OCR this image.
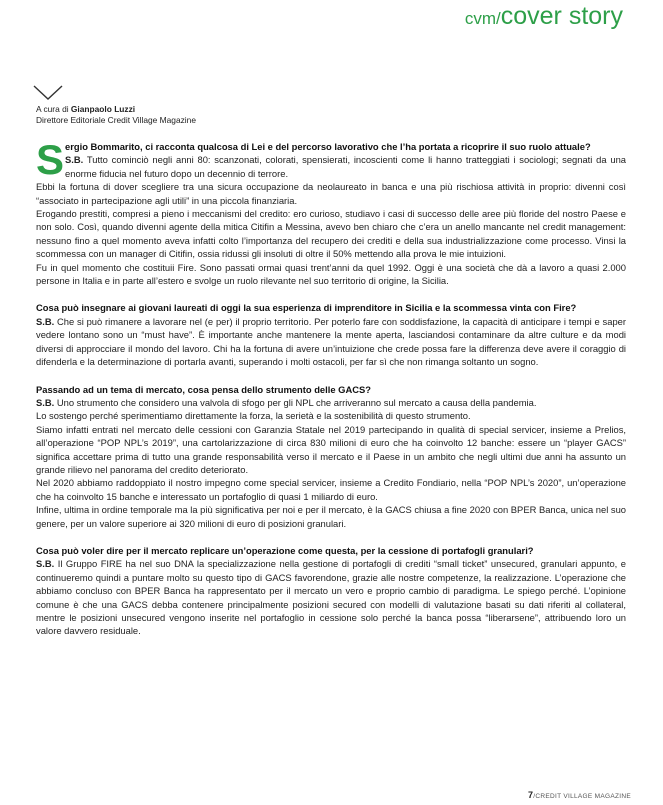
cvm/cover story
A cura di Gianpaolo Luzzi
Direttore Editoriale Credit Village Magazine

Sergio Bommarito, ci racconta qualcosa di Lei e del percorso lavorativo che l’ha portata a ricoprire il suo ruolo attuale?

S.B. Tutto cominciò negli anni 80: scanzonati, colorati, spensierati, incoscienti come li hanno tratteggiati i sociologi; segnati da una enorme fiducia nel futuro dopo un decennio di terrore.

Ebbi la fortuna di dover scegliere tra una sicura occupazione da neolaureato in banca e una più rischiosa attività in proprio: divenni così “associato in partecipazione agli utili” in una piccola finanziaria.

Erogando prestiti, compresi a pieno i meccanismi del credito: ero curioso, studiavo i casi di successo delle aree più floride del nostro Paese e non solo. Così, quando divenni agente della mitica Citifin a Messina, avevo ben chiaro che c’era un anello mancante nel credit management: nessuno fino a quel momento aveva infatti colto l’importanza del recupero dei crediti e della sua industrializzazione come processo. Vinsi la scommessa con un manager di Citifin, ossia ridussi gli insoluti di oltre il 50% mettendo alla prova le mie intuizioni.

Fu in quel momento che costituii Fire. Sono passati ormai quasi trent’anni da quel 1992. Oggi è una società che dà a lavoro a quasi 2.000 persone in Italia e in parte all’estero e svolge un ruolo rilevante nel suo territorio di origine, la Sicilia.

Cosa può insegnare ai giovani laureati di oggi la sua esperienza di imprenditore in Sicilia e la scommessa vinta con Fire?

S.B. Che si può rimanere a lavorare nel (e per) il proprio territorio. Per poterlo fare con soddisfazione, la capacità di anticipare i tempi e saper vedere lontano sono un “must have”. È importante anche mantenere la mente aperta, lasciandosi contaminare da altre culture e da modi diversi di approcciare il mondo del lavoro. Chi ha la fortuna di avere un’intuizione che crede possa fare la differenza deve avere il coraggio di difenderla e la determinazione di portarla avanti, superando i molti ostacoli, per far sì che non rimanga soltanto un sogno.

Passando ad un tema di mercato, cosa pensa dello strumento delle GACS?

S.B. Uno strumento che considero una valvola di sfogo per gli NPL che arriveranno sul mercato a causa della pandemia.

Lo sostengo perché sperimentiamo direttamente la forza, la serietà e la sostenibilità di questo strumento.

Siamo infatti entrati nel mercato delle cessioni con Garanzia Statale nel 2019 partecipando in qualità di special servicer, insieme a Prelios, all’operazione “POP NPL’s 2019”, una cartolarizzazione di circa 830 milioni di euro che ha coinvolto 12 banche: essere un “player GACS” significa accettare prima di tutto una grande responsabilità verso il mercato e il Paese in un ambito che negli ultimi due anni ha assunto un grande rilievo nel panorama del credito deteriorato.

Nel 2020 abbiamo raddoppiato il nostro impegno come special servicer, insieme a Credito Fondiario, nella “POP NPL’s 2020”, un’operazione che ha coinvolto 15 banche e interessato un portafoglio di quasi 1 miliardo di euro.

Infine, ultima in ordine temporale ma la più significativa per noi e per il mercato, è la GACS chiusa a fine 2020 con BPER Banca, unica nel suo genere, per un valore superiore ai 320 milioni di euro di posizioni granulari.

Cosa può voler dire per il mercato replicare un’operazione come questa, per la cessione di portafogli granulari?

S.B. Il Gruppo FIRE ha nel suo DNA la specializzazione nella gestione di portafogli di crediti “small ticket” unsecured, granulari appunto, e continueremo quindi a puntare molto su questo tipo di GACS favorendone, grazie alle nostre competenze, la realizzazione. L’operazione che abbiamo concluso con BPER Banca ha rappresentato per il mercato un vero e proprio cambio di paradigma. Le spiego perché. L’opinione comune è che una GACS debba contenere principalmente posizioni secured con modelli di valutazione basati su dati riferiti al collateral, mentre le posizioni unsecured vengono inserite nel portafoglio in cessione solo perché la banca possa “liberarsene”, attribuendo loro un valore davvero residuale.

7/CREDIT VILLAGE MAGAZINE
